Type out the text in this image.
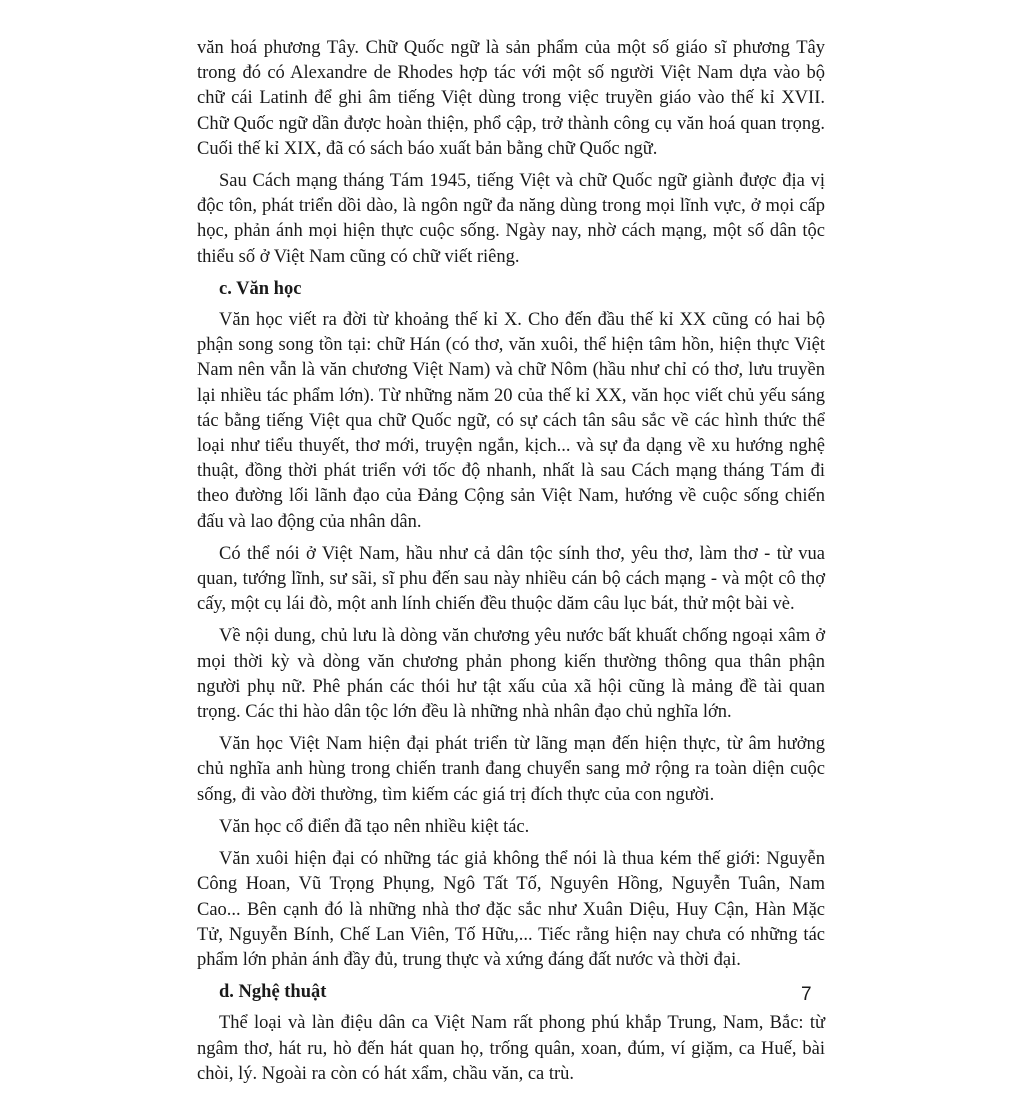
văn hoá phương Tây. Chữ Quốc ngữ là sản phẩm của một số giáo sĩ phương Tây trong đó có Alexandre de Rhodes hợp tác với một số người Việt Nam dựa vào bộ chữ cái Latinh để ghi âm tiếng Việt dùng trong việc truyền giáo vào thế kỉ XVII. Chữ Quốc ngữ dần được hoàn thiện, phổ cập, trở thành công cụ văn hoá quan trọng. Cuối thế kỉ XIX, đã có sách báo xuất bản bằng chữ Quốc ngữ.

Sau Cách mạng tháng Tám 1945, tiếng Việt và chữ Quốc ngữ giành được địa vị độc tôn, phát triển dồi dào, là ngôn ngữ đa năng dùng trong mọi lĩnh vực, ở mọi cấp học, phản ánh mọi hiện thực cuộc sống. Ngày nay, nhờ cách mạng, một số dân tộc thiểu số ở Việt Nam cũng có chữ viết riêng.

c. Văn học

Văn học viết ra đời từ khoảng thế kỉ X. Cho đến đầu thế kỉ XX cũng có hai bộ phận song song tồn tại: chữ Hán (có thơ, văn xuôi, thể hiện tâm hồn, hiện thực Việt Nam nên vẫn là văn chương Việt Nam) và chữ Nôm (hầu như chỉ có thơ, lưu truyền lại nhiều tác phẩm lớn). Từ những năm 20 của thế kỉ XX, văn học viết chủ yếu sáng tác bằng tiếng Việt qua chữ Quốc ngữ, có sự cách tân sâu sắc về các hình thức thể loại như tiểu thuyết, thơ mới, truyện ngắn, kịch... và sự đa dạng về xu hướng nghệ thuật, đồng thời phát triển với tốc độ nhanh, nhất là sau Cách mạng tháng Tám đi theo đường lối lãnh đạo của Đảng Cộng sản Việt Nam, hướng về cuộc sống chiến đấu và lao động của nhân dân.

Có thể nói ở Việt Nam, hầu như cả dân tộc sính thơ, yêu thơ, làm thơ - từ vua quan, tướng lĩnh, sư sãi, sĩ phu đến sau này nhiều cán bộ cách mạng - và một cô thợ cấy, một cụ lái đò, một anh lính chiến đều thuộc dăm câu lục bát, thử một bài vè.

Về nội dung, chủ lưu là dòng văn chương yêu nước bất khuất chống ngoại xâm ở mọi thời kỳ và dòng văn chương phản phong kiến thường thông qua thân phận người phụ nữ. Phê phán các thói hư tật xấu của xã hội cũng là mảng đề tài quan trọng. Các thi hào dân tộc lớn đều là những nhà nhân đạo chủ nghĩa lớn.

Văn học Việt Nam hiện đại phát triển từ lãng mạn đến hiện thực, từ âm hưởng chủ nghĩa anh hùng trong chiến tranh đang chuyển sang mở rộng ra toàn diện cuộc sống, đi vào đời thường, tìm kiếm các giá trị đích thực của con người.

Văn học cổ điển đã tạo nên nhiều kiệt tác.

Văn xuôi hiện đại có những tác giả không thể nói là thua kém thế giới: Nguyễn Công Hoan, Vũ Trọng Phụng, Ngô Tất Tố, Nguyên Hồng, Nguyễn Tuân, Nam Cao... Bên cạnh đó là những nhà thơ đặc sắc như Xuân Diệu, Huy Cận, Hàn Mặc Tử, Nguyễn Bính, Chế Lan Viên, Tố Hữu,... Tiếc rằng hiện nay chưa có những tác phẩm lớn phản ánh đầy đủ, trung thực và xứng đáng đất nước và thời đại.

d. Nghệ thuật

Thể loại và làn điệu dân ca Việt Nam rất phong phú khắp Trung, Nam, Bắc: từ ngâm thơ, hát ru, hò đến hát quan họ, trống quân, xoan, đúm, ví giặm, ca Huế, bài chòi, lý. Ngoài ra còn có hát xẩm, chầu văn, ca trù.

7
